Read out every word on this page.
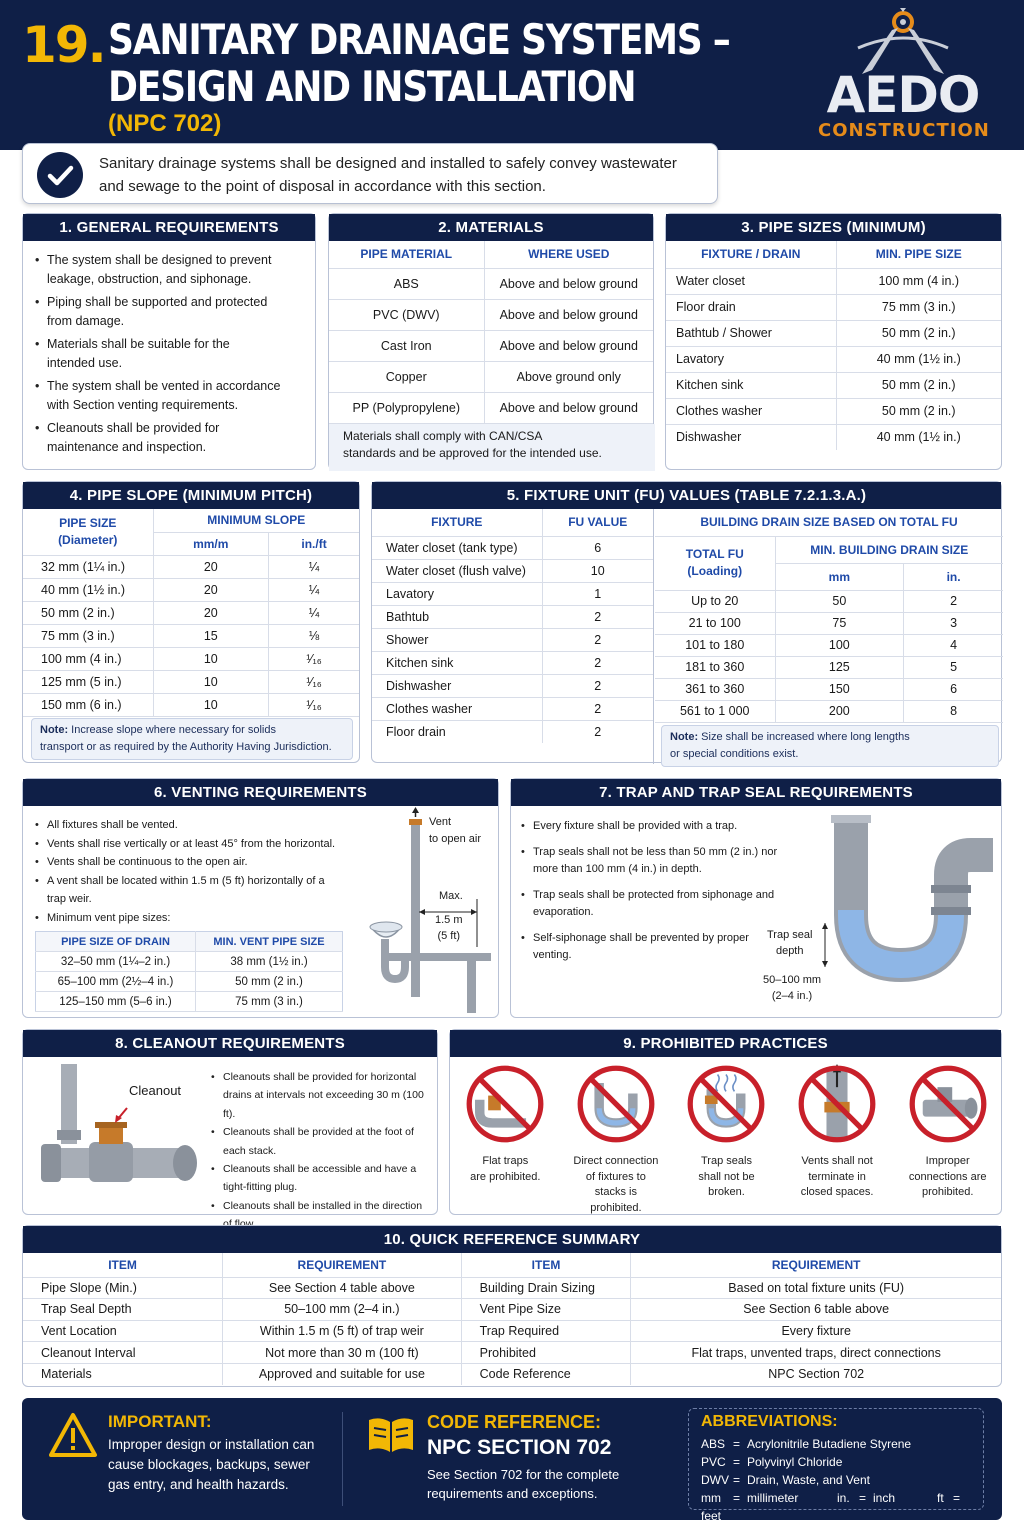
19. SANITARY DRAINAGE SYSTEMS –
DESIGN AND INSTALLATION
(NPC 702)	AEDO
CONSTRUCTION
Sanitary drainage systems shall be designed and installed to safely convey wastewater
and sewage to the point of disposal in accordance with this section.
1. GENERAL REQUIREMENTS
• The system shall be designed to prevent
leakage, obstruction, and siphonage.
• Piping shall be supported and protected
from damage.
• Materials shall be suitable for the
intended use.
• The system shall be vented in accordance
with Section venting requirements.
• Cleanouts shall be provided for
maintenance and inspection.
2. MATERIALS
PIPE MATERIAL	WHERE USED
ABS	Above and below ground
PVC (DWV)	Above and below ground
Cast Iron	Above and below ground
Copper	Above ground only
PP (Polypropylene)	Above and below ground
Materials shall comply with CAN/CSA
standards and be approved for the intended use.
3. PIPE SIZES (MINIMUM)
FIXTURE / DRAIN	MIN. PIPE SIZE
Water closet	100 mm (4 in.)
Floor drain	75 mm (3 in.)
Bathtub / Shower	50 mm (2 in.)
Lavatory	40 mm (1½ in.)
Kitchen sink	50 mm (2 in.)
Clothes washer	50 mm (2 in.)
Dishwasher	40 mm (1½ in.)
4. PIPE SLOPE (MINIMUM PITCH)
PIPE SIZE
(Diameter)	MINIMUM SLOPE	
	mm/m	in./ft
32 mm (1¼ in.)	20	¼
40 mm (1½ in.)	20	¼
50 mm (2 in.)	20	¼
75 mm (3 in.)	15	⅛
100 mm (4 in.)	10	¹⁄₁₆
125 mm (5 in.)	10	¹⁄₁₆
150 mm (6 in.)	10	¹⁄₁₆
Note: Increase slope where necessary for solids
transport or as required by the Authority Having Jurisdiction.
5. FIXTURE UNIT (FU) VALUES (TABLE 7.2.1.3.A.)
FIXTURE	FU VALUE
Water closet (tank type)	6
Water closet (flush valve)	10
Lavatory	1
Bathtub	2
Shower	2
Kitchen sink	2
Dishwasher	2
Clothes washer	2
Floor drain	2
BUILDING DRAIN SIZE BASED ON TOTAL FU		

TOTAL FU
(Loading)	MIN. BUILDING DRAIN SIZE	
	mm	in.
Up to 20	50	2
21 to 100	75	3
101 to 180	100	4
181 to 360	125	5
361 to 360	150	6
561 to 1 000	200	8
Note: Size shall be increased where long lengths
or special conditions exist.
6. VENTING REQUIREMENTS
• All fixtures shall be vented.
• Vents shall rise vertically or at least 45° from the horizontal.
• Vents shall be continuous to the open air.
• A vent shall be located within 1.5 m (5 ft) horizontally of a
trap weir.
• Minimum vent pipe sizes:
PIPE SIZE OF DRAIN	MIN. VENT PIPE SIZE
32–50 mm (1¼–2 in.)	38 mm (1½ in.)
65–100 mm (2½–4 in.)	50 mm (2 in.)
125–150 mm (5–6 in.)	75 mm (3 in.)
Vent
to open air
Max.
1.5 m
(5 ft)
7. TRAP AND TRAP SEAL REQUIREMENTS
• Every fixture shall be provided with a trap.
• Trap seals shall not be less than 50 mm (2 in.) nor
more than 100 mm (4 in.) in depth.
• Trap seals shall be protected from siphonage and
evaporation.
• Self-siphonage shall be prevented by proper
venting.
Trap seal
depth
50–100 mm
(2–4 in.)
8. CLEANOUT REQUIREMENTS
Cleanout
• Cleanouts shall be provided for horizontal
drains at intervals not exceeding 30 m (100 ft).
• Cleanouts shall be provided at the foot of
each stack.
• Cleanouts shall be accessible and have a
tight-fitting plug.
• Cleanouts shall be installed in the direction
9. PROHIBITED PRACTICES
Flat traps
are prohibited.
Direct connection
of fixtures to
stacks is
prohibited.
Trap seals
shall not be
broken.
Vents shall not
terminate in
closed spaces.
Improper
connections are
prohibited.
10. QUICK REFERENCE SUMMARY
ITEM	REQUIREMENT	ITEM	REQUIREMENT
Pipe Slope (Min.)	See Section 4 table above	Building Drain Sizing	Based on total fixture units (FU)
Trap Seal Depth	50–100 mm (2–4 in.)	Vent Pipe Size	See Section 6 table above
Vent Location	Within 1.5 m (5 ft) of trap weir	Trap Required	Every fixture
Cleanout Interval	Not more than 30 m (100 ft)	Prohibited	Flat traps, unvented traps, direct connections
Materials	Approved and suitable for use	Code Reference	NPC Section 702
IMPORTANT:
Improper design or installation can
cause blockages, backups, sewer
gas entry, and health hazards.
CODE REFERENCE:
NPC SECTION 702
See Section 702 for the complete
requirements and exceptions.
ABBREVIATIONS:
ABS = Acrylonitrile Butadiene Styrene
PVC = Polyvinyl Chloride
DWV = Drain, Waste, and Vent
mm = millimeter	in. = inch	ft =feet
